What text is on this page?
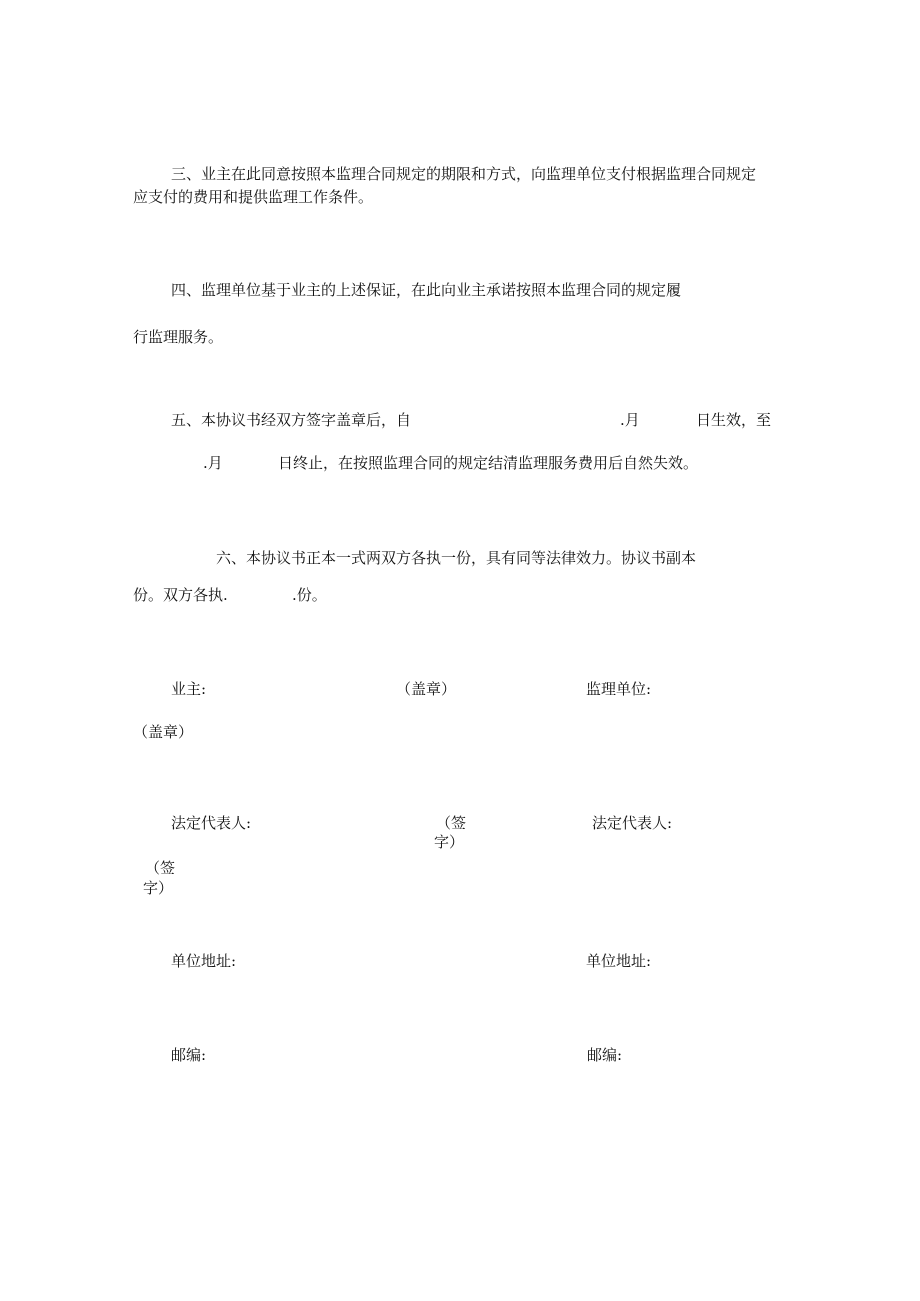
三、业主在此同意按照本监理合同规定的期限和方式，向监理单位支付根据监理合同规定
应支付的费用和提供监理工作条件。
四、监理单位基于业主的上述保证，在此向业主承诺按照本监理合同的规定履
行监理服务。
五、本协议书经双方签字盖章后，自	.月	日生效，至
.月	日终止，在按照监理合同的规定结清监理服务费用后自然失效。
六、本协议书正本一式两双方各执一份，具有同等法律效力。协议书副本
份。双方各执.	.份。
业主:	（盖章）	监理单位:
（盖章）
法定代表人:	（签
字）
法定代表人:
（签
字）
单位地址:	单位地址:
邮编:	邮编:
